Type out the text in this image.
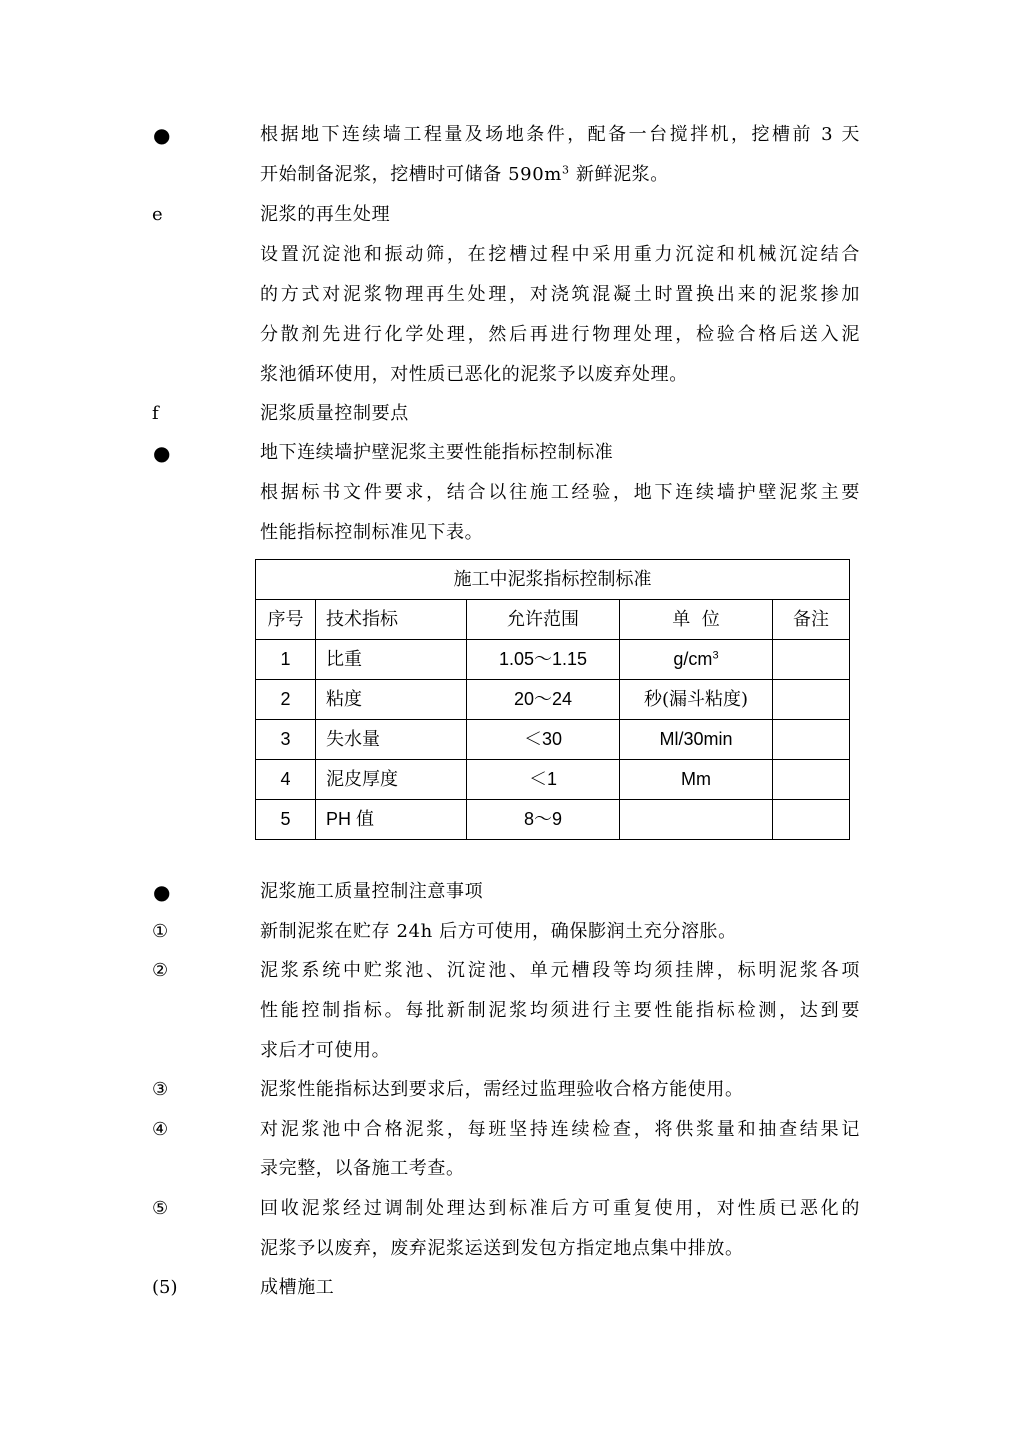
●	根据地下连续墙工程量及场地条件，配备一台搅拌机，挖槽前 3 天
开始制备泥浆，挖槽时可储备 $590m^3$ 新鲜泥浆。
e	泥浆的再生处理
设置沉淀池和振动筛，在挖槽过程中采用重力沉淀和机械沉淀结合
的方式对泥浆物理再生处理，对浇筑混凝土时置换出来的泥浆掺加
分散剂先进行化学处理，然后再进行物理处理，检验合格后送入泥
浆池循环使用，对性质已恶化的泥浆予以废弃处理。
f	泥浆质量控制要点
●	地下连续墙护壁泥浆主要性能指标控制标准
根据标书文件要求，结合以往施工经验，地下连续墙护壁泥浆主要
性能指标控制标准见下表。
施工中泥浆指标控制标准				
序号	技术指标	允许范围	单  位	备注
1	比重	1.05～1.15	$g/cm^3$	
2	粘度	20～24	秒(漏斗粘度)	
3	失水量	＜30	Ml/30min	
4	泥皮厚度	＜1	Mm	
5	PH 值	8～9		
●	泥浆施工质量控制注意事项
①	新制泥浆在贮存 24h 后方可使用，确保膨润土充分溶胀。
②	泥浆系统中贮浆池、沉淀池、单元槽段等均须挂牌，标明泥浆各项
性能控制指标。每批新制泥浆均须进行主要性能指标检测，达到要
求后才可使用。
③	泥浆性能指标达到要求后，需经过监理验收合格方能使用。
④	对泥浆池中合格泥浆，每班坚持连续检查，将供浆量和抽查结果记
录完整，以备施工考查。
⑤	回收泥浆经过调制处理达到标准后方可重复使用，对性质已恶化的
泥浆予以废弃，废弃泥浆运送到发包方指定地点集中排放。
(5)	成槽施工
